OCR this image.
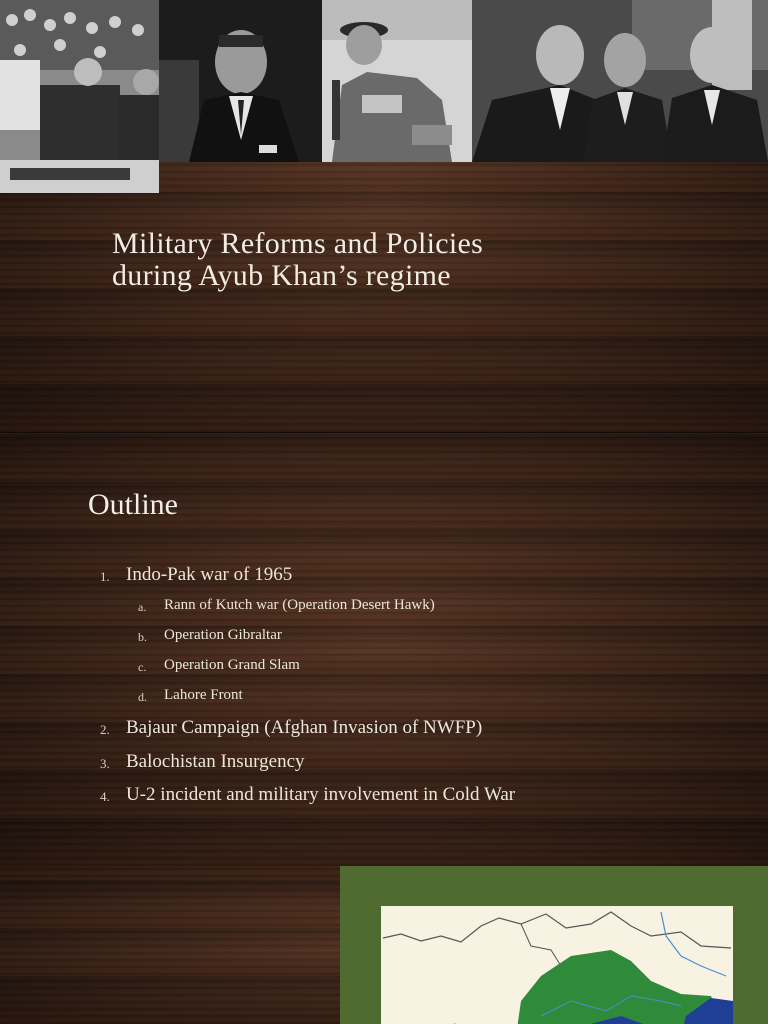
Military Reforms and Policies
during Ayub Khan’s regime
Outline
1. Indo-Pak war of 1965
a. Rann of Kutch war (Operation Desert Hawk)
b. Operation Gibraltar
c. Operation Grand Slam
d. Lahore Front
2. Bajaur Campaign (Afghan Invasion of NWFP)
3. Balochistan Insurgency
4. U-2 incident and military involvement in Cold War
